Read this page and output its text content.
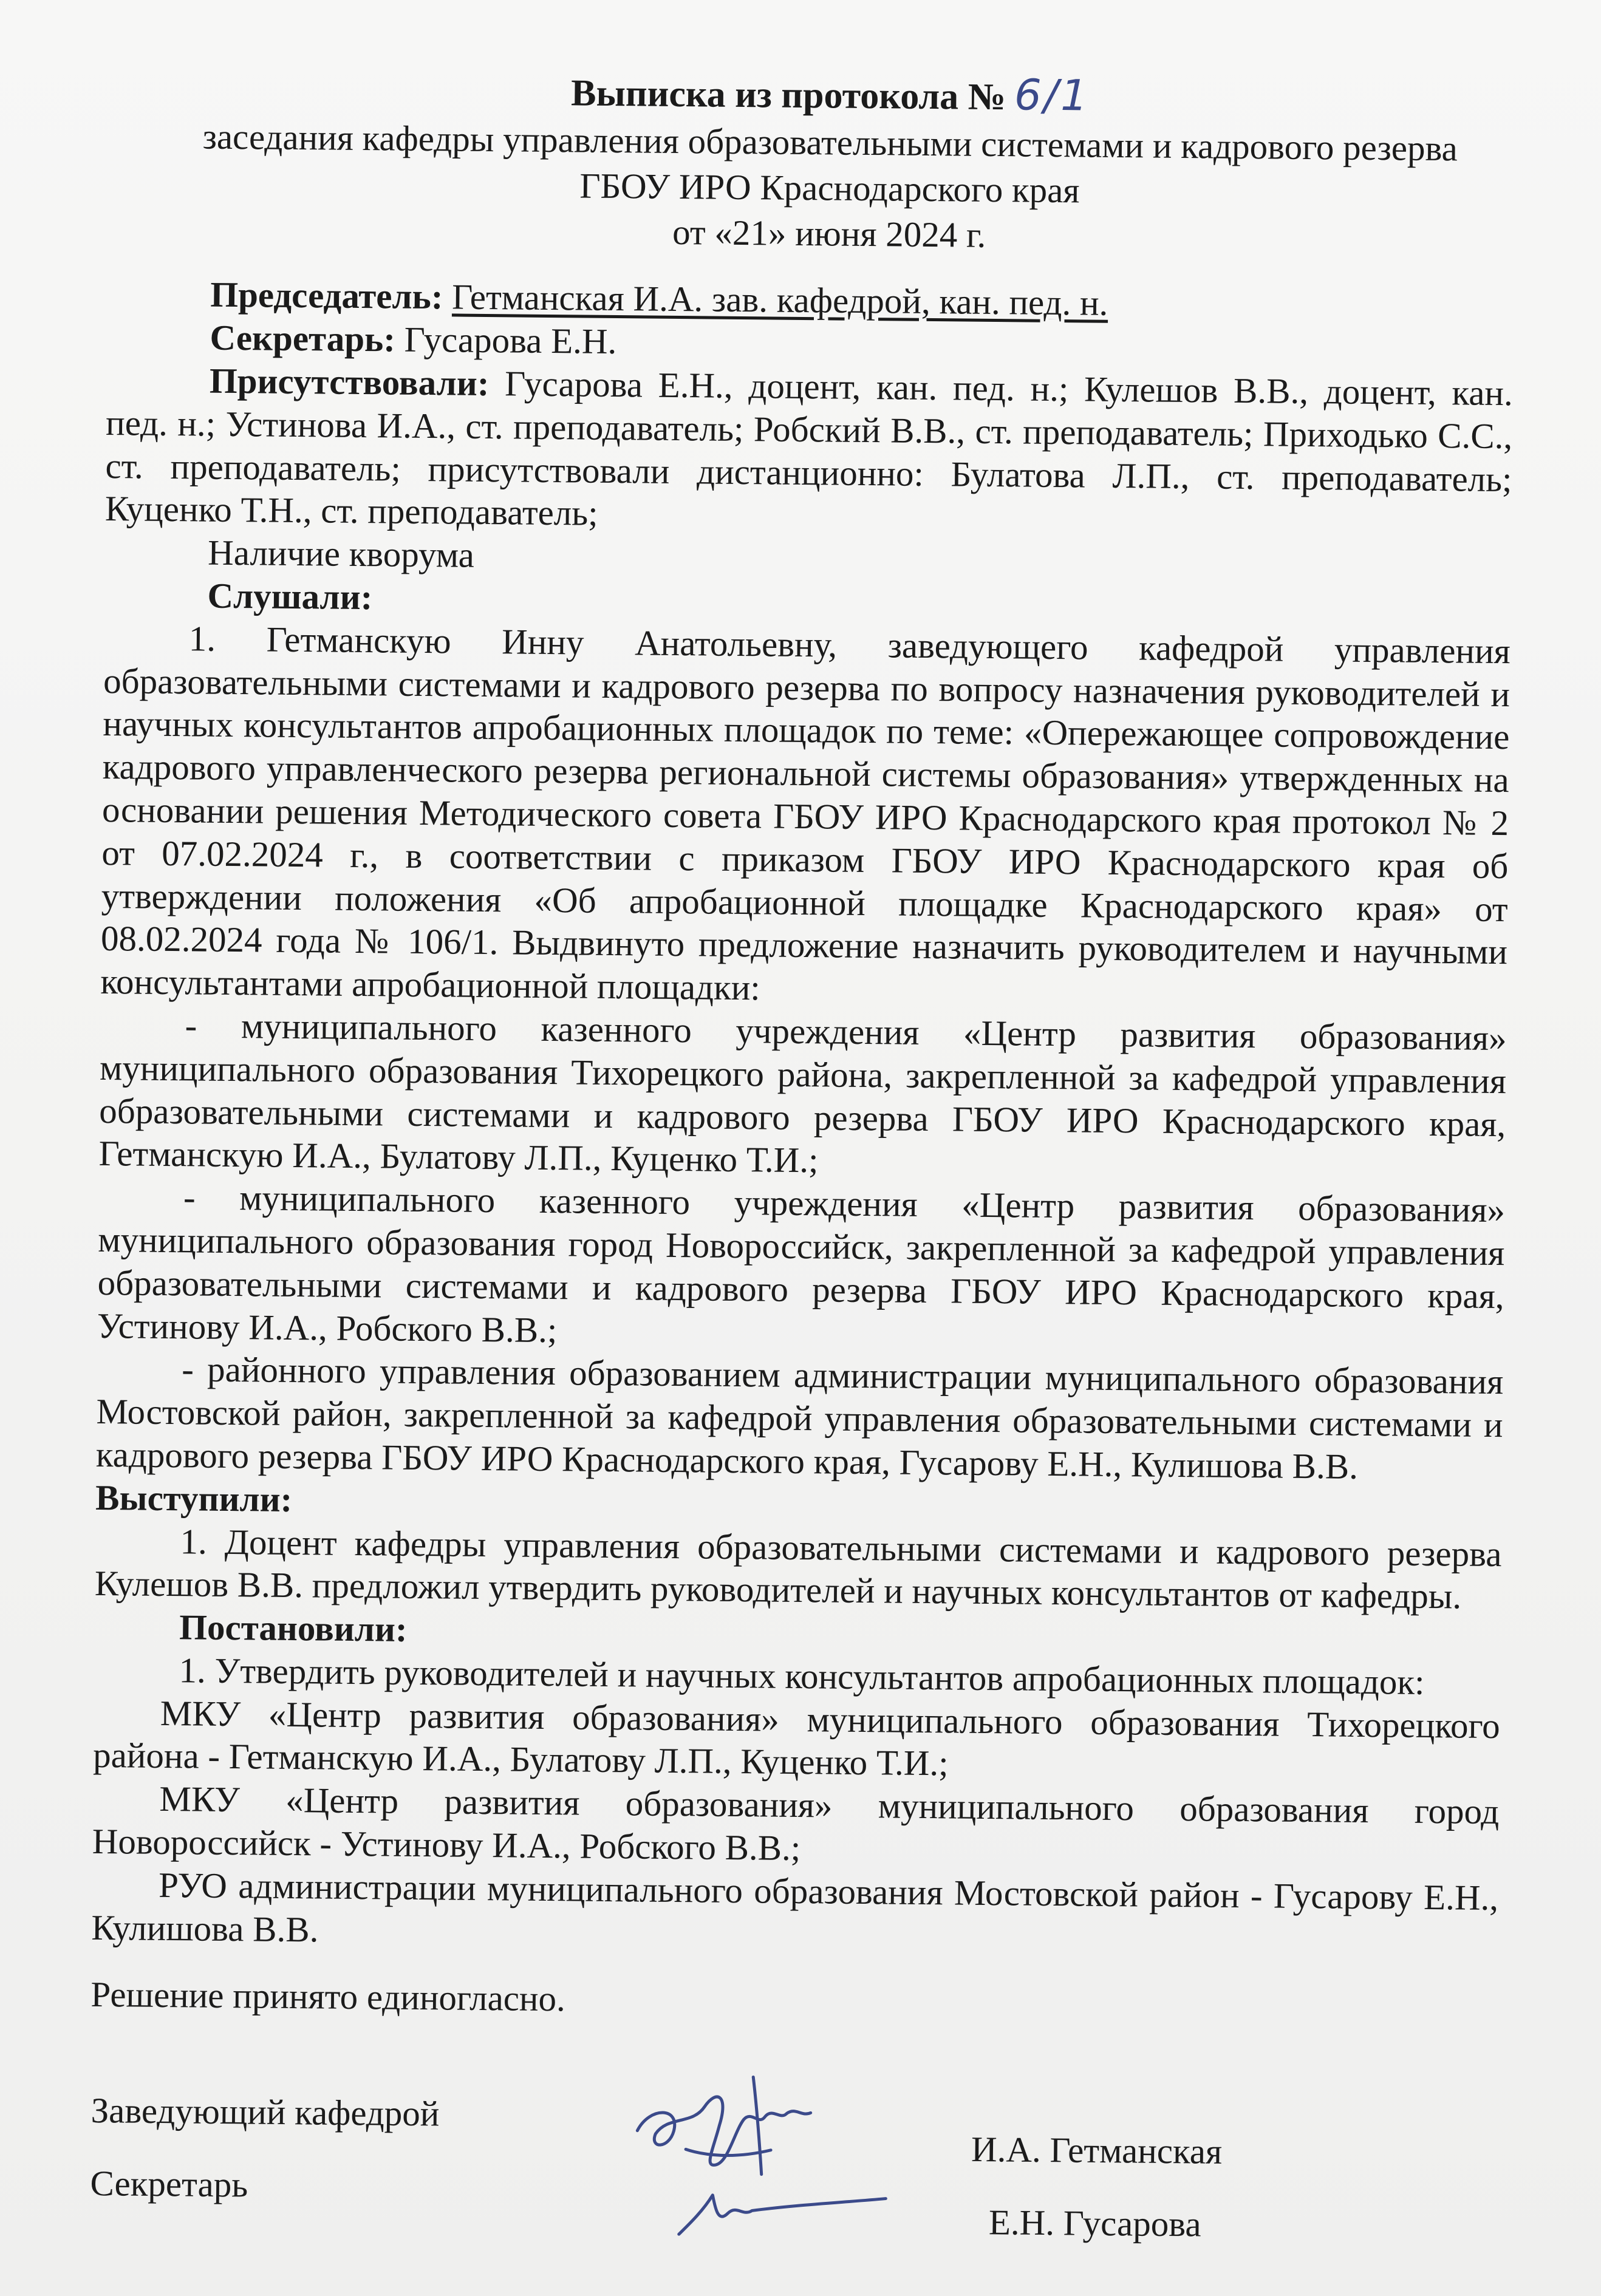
Выписка из протокола № 6/1
заседания кафедры управления образовательными системами и кадрового резерва
ГБОУ ИРО Краснодарского края
от «21» июня 2024 г.

Председатель: Гетманская И.А. зав. кафедрой, кан. пед. н.

Секретарь: Гусарова Е.Н.

Присутствовали: Гусарова Е.Н., доцент, кан. пед. н.; Кулешов В.В., доцент, кан. пед. н.; Устинова И.А., ст. преподаватель; Робский В.В., ст. преподаватель; Приходько С.С., ст. преподаватель; присутствовали дистанционно: Булатова Л.П., ст. преподаватель; Куценко Т.Н., ст. преподаватель;

Наличие кворума

Слушали:

1. Гетманскую Инну Анатольевну, заведующего кафедрой управления образовательными системами и кадрового резерва по вопросу назначения руководителей и научных консультантов апробационных площадок по теме: «Опережающее сопровождение кадрового управленческого резерва региональной системы образования» утвержденных на основании решения Методического совета ГБОУ ИРО Краснодарского края протокол № 2 от 07.02.2024 г., в соответствии с приказом ГБОУ ИРО Краснодарского края об утверждении положения «Об апробационной площадке Краснодарского края» от 08.02.2024 года № 106/1. Выдвинуто предложение назначить руководителем и научными консультантами апробационной площадки:

- муниципального казенного учреждения «Центр развития образования» муниципального образования Тихорецкого района, закрепленной за кафедрой управления образовательными системами и кадрового резерва ГБОУ ИРО Краснодарского края, Гетманскую И.А., Булатову Л.П., Куценко Т.И.;

- муниципального казенного учреждения «Центр развития образования» муниципального образования город Новороссийск, закрепленной за кафедрой управления образовательными системами и кадрового резерва ГБОУ ИРО Краснодарского края, Устинову И.А., Робского В.В.;

- районного управления образованием администрации муниципального образования Мостовской район, закрепленной за кафедрой управления образовательными системами и кадрового резерва ГБОУ ИРО Краснодарского края, Гусарову Е.Н., Кулишова В.В.

Выступили:

1. Доцент кафедры управления образовательными системами и кадрового резерва Кулешов В.В. предложил утвердить руководителей и научных консультантов от кафедры.

Постановили:

1. Утвердить руководителей и научных консультантов апробационных площадок:

МКУ «Центр развития образования» муниципального образования Тихорецкого района - Гетманскую И.А., Булатову Л.П., Куценко Т.И.;

МКУ «Центр развития образования» муниципального образования город Новороссийск - Устинову И.А., Робского В.В.;

РУО администрации муниципального образования Мостовской район - Гусарову Е.Н., Кулишова В.В.

Решение принято единогласно.

Заведующий кафедрой
Секретарь
И.А. Гетманская
Е.Н. Гусарова
